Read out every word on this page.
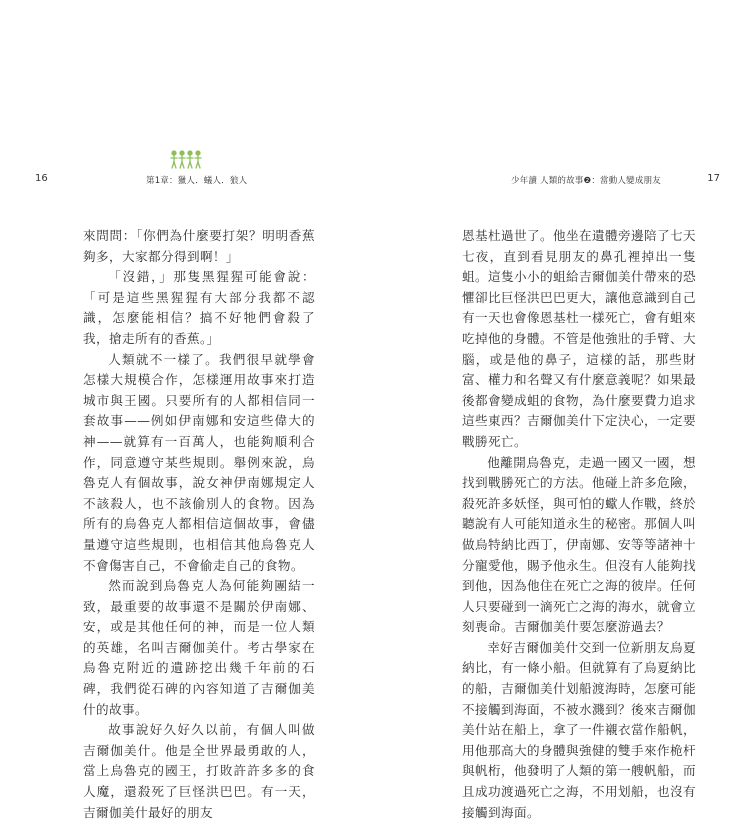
16	第1章：獵人．蟻人．狼人

來問問：「你們為什麼要打架？明明香蕉夠多，大家都分得到啊！」

「沒錯，」那隻黑猩猩可能會說：「可是這些黑猩猩有大部分我都不認識，怎麼能相信？搞不好牠們會殺了我，搶走所有的香蕉。」

人類就不一樣了。我們很早就學會怎樣大規模合作，怎樣運用故事來打造城市與王國。只要所有的人都相信同一套故事——例如伊南娜和安這些偉大的神——就算有一百萬人，也能夠順利合作，同意遵守某些規則。舉例來說，烏魯克人有個故事，說女神伊南娜規定人不該殺人，也不該偷別人的食物。因為所有的烏魯克人都相信這個故事，會儘量遵守這些規則，也相信其他烏魯克人不會傷害自己，不會偷走自己的食物。

然而說到烏魯克人為何能夠團結一致，最重要的故事還不是關於伊南娜、安，或是其他任何的神，而是一位人類的英雄，名叫吉爾伽美什。考古學家在烏魯克附近的遺跡挖出幾千年前的石碑，我們從石碑的內容知道了吉爾伽美什的故事。

故事說好久好久以前，有個人叫做吉爾伽美什。他是全世界最勇敢的人，當上烏魯克的國王，打敗許許多多的食人魔，還殺死了巨怪洪巴巴。有一天，吉爾伽美什最好的朋友

少年讀 人類的故事❷：當動人變成朋友	17

恩基杜過世了。他坐在遺體旁邊陪了七天七夜，直到看見朋友的鼻孔裡掉出一隻蛆。這隻小小的蛆給吉爾伽美什帶來的恐懼卻比巨怪洪巴巴更大，讓他意識到自己有一天也會像恩基杜一樣死亡，會有蛆來吃掉他的身體。不管是他強壯的手臂、大腦，或是他的鼻子，這樣的話，那些財富、權力和名聲又有什麼意義呢？如果最後都會變成蛆的食物，為什麼要費力追求這些東西？吉爾伽美什下定決心，一定要戰勝死亡。

他離開烏魯克，走過一國又一國，想找到戰勝死亡的方法。他碰上許多危險，殺死許多妖怪，與可怕的蠍人作戰，終於聽說有人可能知道永生的秘密。那個人叫做烏特納比西丁，伊南娜、安等等諸神十分寵愛他，賜予他永生。但沒有人能夠找到他，因為他住在死亡之海的彼岸。任何人只要碰到一滴死亡之海的海水，就會立刻喪命。吉爾伽美什要怎麼游過去？

幸好吉爾伽美什交到一位新朋友烏夏納比，有一條小船。但就算有了烏夏納比的船，吉爾伽美什划船渡海時，怎麼可能不接觸到海面，不被水濺到？後來吉爾伽美什站在船上，拿了一件襯衣當作船帆，用他那高大的身體與強健的雙手來作桅杆與帆桁，他發明了人類的第一艘帆船，而且成功渡過死亡之海，不用划船，也沒有接觸到海面。
